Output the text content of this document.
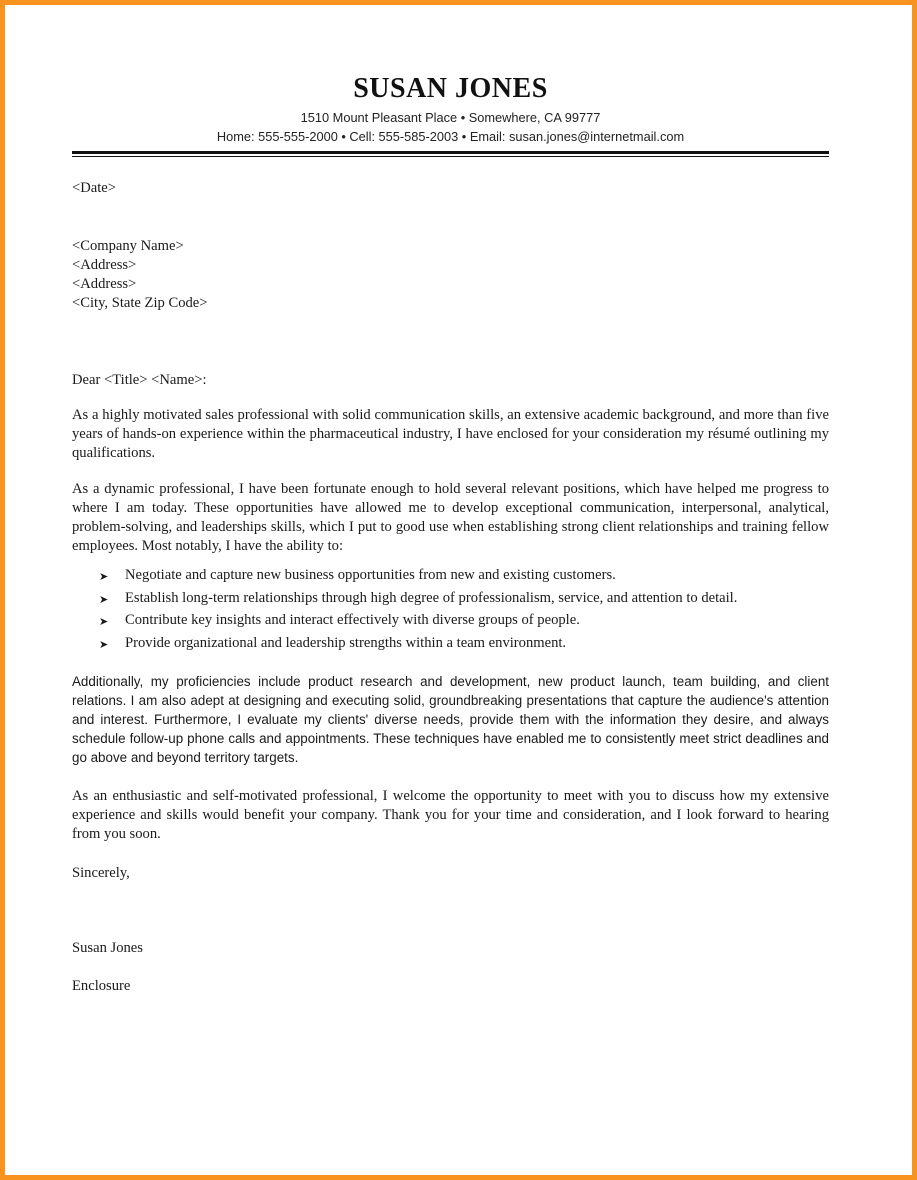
SUSAN JONES
1510 Mount Pleasant Place • Somewhere, CA 99777
Home: 555-555-2000 • Cell: 555-585-2003 • Email: susan.jones@internetmail.com
<Date>
<Company Name>
<Address>
<Address>
<City, State Zip Code>
Dear <Title> <Name>:
As a highly motivated sales professional with solid communication skills, an extensive academic background, and more than five years of hands-on experience within the pharmaceutical industry, I have enclosed for your consideration my résumé outlining my qualifications.
As a dynamic professional, I have been fortunate enough to hold several relevant positions, which have helped me progress to where I am today. These opportunities have allowed me to develop exceptional communication, interpersonal, analytical, problem-solving, and leaderships skills, which I put to good use when establishing strong client relationships and training fellow employees. Most notably, I have the ability to:
➤ Negotiate and capture new business opportunities from new and existing customers.
➤ Establish long-term relationships through high degree of professionalism, service, and attention to detail.
➤ Contribute key insights and interact effectively with diverse groups of people.
➤ Provide organizational and leadership strengths within a team environment.
Additionally, my proficiencies include product research and development, new product launch, team building, and client relations. I am also adept at designing and executing solid, groundbreaking presentations that capture the audience's attention and interest. Furthermore, I evaluate my clients' diverse needs, provide them with the information they desire, and always schedule follow-up phone calls and appointments. These techniques have enabled me to consistently meet strict deadlines and go above and beyond territory targets.
As an enthusiastic and self-motivated professional, I welcome the opportunity to meet with you to discuss how my extensive experience and skills would benefit your company. Thank you for your time and consideration, and I look forward to hearing from you soon.
Sincerely,
Susan Jones
Enclosure
